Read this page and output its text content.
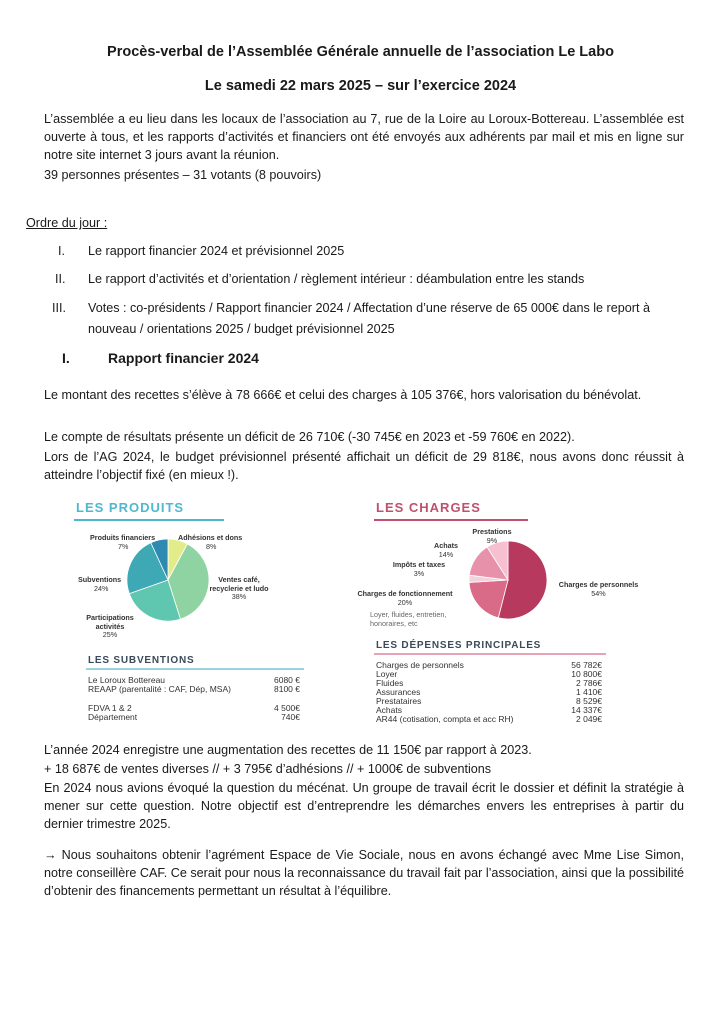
Procès-verbal de l’Assemblée Générale annuelle de l’association Le Labo
Le samedi 22 mars 2025 – sur l’exercice 2024
L’assemblée a eu lieu dans les locaux de l’association au 7, rue de la Loire au Loroux-Bottereau. L’assemblée est ouverte à tous, et les rapports d’activités et financiers ont été envoyés aux adhérents par mail et mis en ligne sur notre site internet 3 jours avant la réunion.
39 personnes présentes – 31 votants (8 pouvoirs)
Ordre du jour :
I. Le rapport financier 2024 et prévisionnel 2025
II. Le rapport d’activités et d’orientation / règlement intérieur : déambulation entre les stands
III. Votes : co-présidents / Rapport financier 2024 / Affectation d’une réserve de 65 000€ dans le report à nouveau / orientations 2025 / budget prévisionnel 2025
I.	Rapport financier 2024
Le montant des recettes s’élève à 78 666€ et celui des charges à 105 376€, hors valorisation du bénévolat.
Le compte de résultats présente un déficit de 26 710€ (-30 745€ en 2023 et -59 760€ en 2022).
Lors de l’AG 2024, le budget prévisionnel présenté affichait un déficit de 29 818€, nous avons donc réussit à atteindre l’objectif fixé (en mieux !).
LES PRODUITS
Produits financiers
7%
Adhésions et dons
8%
Subventions
24%
Ventes café, recyclerie et ludo
38%
Participations activités
25%
LES SUBVENTIONS
Le Loroux Bottereau	6080 €
REAAP (parentalité : CAF, Dép, MSA)	8100 €
FDVA 1 & 2	4 500€
Département	740€
LES CHARGES
Prestations
9%
Achats
14%
Impôts et taxes
3%
Charges de personnels
54%
Charges de fonctionnement
20%
Loyer, fluides, entretien, honoraires, etc
LES DÉPENSES PRINCIPALES
Charges de personnels	56 782€
Loyer	10 800€
Fluides	2 786€
Assurances	1 410€
Prestataires	8 529€
Achats	14 337€
AR44 (cotisation, compta et acc RH)	2 049€
L’année 2024 enregistre une augmentation des recettes de 11 150€ par rapport à 2023.
+ 18 687€ de ventes diverses // + 3 795€ d’adhésions // + 1000€ de subventions
En 2024 nous avions évoqué la question du mécénat. Un groupe de travail écrit le dossier et définit la stratégie à mener sur cette question. Notre objectif est d’entreprendre les démarches envers les entreprises à partir du dernier trimestre 2025.
→ Nous souhaitons obtenir l’agrément Espace de Vie Sociale, nous en avons échangé avec Mme Lise Simon, notre conseillère CAF. Ce serait pour nous la reconnaissance du travail fait par l’association, ainsi que la possibilité d’obtenir des financements permettant un résultat à l’équilibre.
